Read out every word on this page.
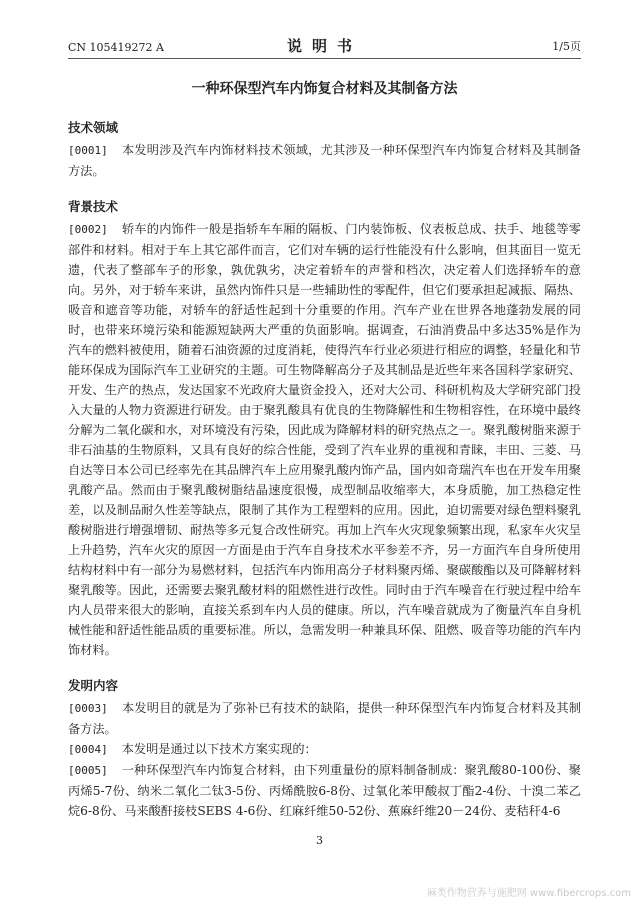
CN 105419272 A	说明书	1/5页
一种环保型汽车内饰复合材料及其制备方法
技术领域

[0001] 本发明涉及汽车内饰材料技术领域，尤其涉及一种环保型汽车内饰复合材料及其制备方法。

背景技术

[0002] 轿车的内饰件一般是指轿车车厢的隔板、门内装饰板、仪表板总成、扶手、地毯等零部件和材料。相对于车上其它部件而言，它们对车辆的运行性能没有什么影响，但其面目一览无遗，代表了整部车子的形象，孰优孰劣，决定着轿车的声誉和档次，决定着人们选择轿车的意向。另外，对于轿车来讲，虽然内饰件只是一些辅助性的零配件，但它们要承担起减振、隔热、吸音和遮音等功能，对轿车的舒适性起到十分重要的作用。汽车产业在世界各地蓬勃发展的同时，也带来环境污染和能源短缺两大严重的负面影响。据调查，石油消费品中多达35%是作为汽车的燃料被使用，随着石油资源的过度消耗，使得汽车行业必须进行相应的调整，轻量化和节能环保成为国际汽车工业研究的主题。可生物降解高分子及其制品是近些年来各国科学家研究、开发、生产的热点，发达国家不光政府大量资金投入，还对大公司、科研机构及大学研究部门投入大量的人物力资源进行研发。由于聚乳酸具有优良的生物降解性和生物相容性，在环境中最终分解为二氧化碳和水，对环境没有污染，因此成为降解材料的研究热点之一。聚乳酸树脂来源于非石油基的生物原料，又具有良好的综合性能，受到了汽车业界的重视和青睐，丰田、三菱、马自达等日本公司已经率先在其品牌汽车上应用聚乳酸内饰产品，国内如奇瑞汽车也在开发车用聚乳酸产品。然而由于聚乳酸树脂结晶速度很慢，成型制品收缩率大，本身质脆，加工热稳定性差，以及制品耐久性差等缺点，限制了其作为工程塑料的应用。因此，迫切需要对绿色塑料聚乳酸树脂进行增强增韧、耐热等多元复合改性研究。再加上汽车火灾现象频繁出现，私家车火灾呈上升趋势，汽车火灾的原因一方面是由于汽车自身技术水平参差不齐，另一方面汽车自身所使用结构材料中有一部分为易燃材料，包括汽车内饰用高分子材料聚丙烯、聚碳酸酯以及可降解材料聚乳酸等。因此，还需要去聚乳酸材料的阻燃性进行改性。同时由于汽车噪音在行驶过程中给车内人员带来很大的影响，直接关系到车内人员的健康。所以，汽车噪音就成为了衡量汽车自身机械性能和舒适性能品质的重要标准。所以，急需发明一种兼具环保、阻燃、吸音等功能的汽车内饰材料。

发明内容

[0003] 本发明目的就是为了弥补已有技术的缺陷，提供一种环保型汽车内饰复合材料及其制备方法。

[0004] 本发明是通过以下技术方案实现的：

[0005] 一种环保型汽车内饰复合材料，由下列重量份的原料制备制成：聚乳酸80-100份、聚丙烯5-7份、纳米二氧化二钛3-5份、丙烯酰胺6-8份、过氧化苯甲酸叔丁酯2-4份、十溴二苯乙烷6-8份、马来酸酐接枝SEBS 4-6份、红麻纤维50-52份、蕉麻纤维20－24份、麦秸秆4-6

3
麻类作物营养与施肥网 www.fibercrops.com
